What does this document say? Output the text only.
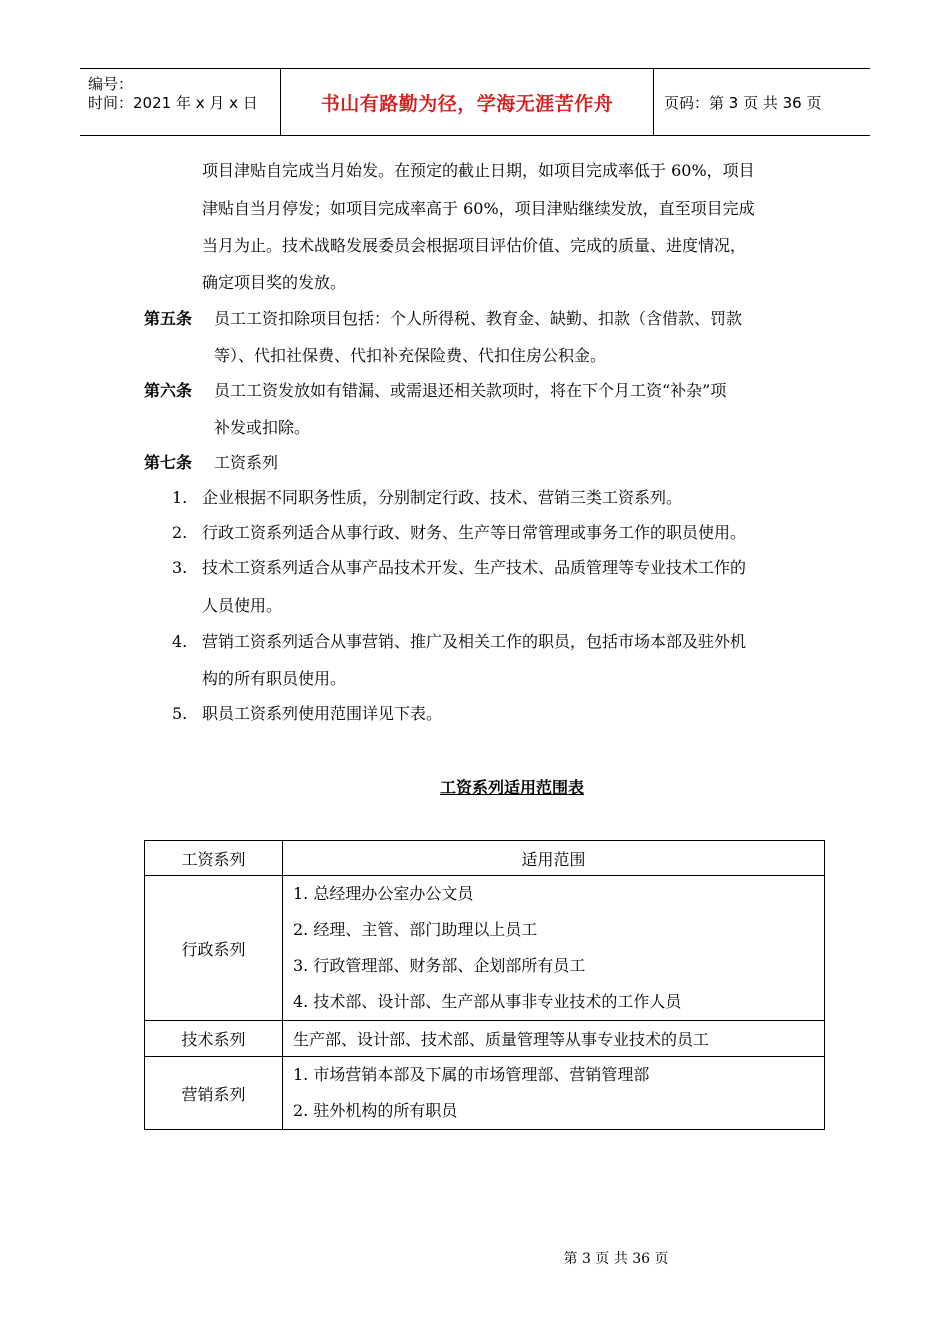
编号：
时间：2021 年 x 月 x 日	书山有路勤为径，学海无涯苦作舟	页码：第 3 页 共 36 页
项目津贴自完成当月始发。在预定的截止日期，如项目完成率低于 60%，项目
津贴自当月停发；如项目完成率高于 60%，项目津贴继续发放，直至项目完成
当月为止。技术战略发展委员会根据项目评估价值、完成的质量、进度情况，
确定项目奖的发放。
第五条 员工工资扣除项目包括：个人所得税、教育金、缺勤、扣款（含借款、罚款
等）、代扣社保费、代扣补充保险费、代扣住房公积金。
第六条 员工工资发放如有错漏、或需退还相关款项时，将在下个月工资“补杂”项
补发或扣除。
第七条 工资系列
1. 企业根据不同职务性质，分别制定行政、技术、营销三类工资系列。
2. 行政工资系列适合从事行政、财务、生产等日常管理或事务工作的职员使用。
3. 技术工资系列适合从事产品技术开发、生产技术、品质管理等专业技术工作的
人员使用。
4. 营销工资系列适合从事营销、推广及相关工作的职员，包括市场本部及驻外机
构的所有职员使用。
5. 职员工资系列使用范围详见下表。
工资系列适用范围表
工资系列	适用范围
行政系列	1. 总经理办公室办公文员
2. 经理、主管、部门助理以上员工
3. 行政管理部、财务部、企划部所有员工
4. 技术部、设计部、生产部从事非专业技术的工作人员

技术系列	生产部、设计部、技术部、质量管理等从事专业技术的员工
营销系列	1. 市场营销本部及下属的市场管理部、营销管理部
2. 驻外机构的所有职员
第 3 页 共 36 页
